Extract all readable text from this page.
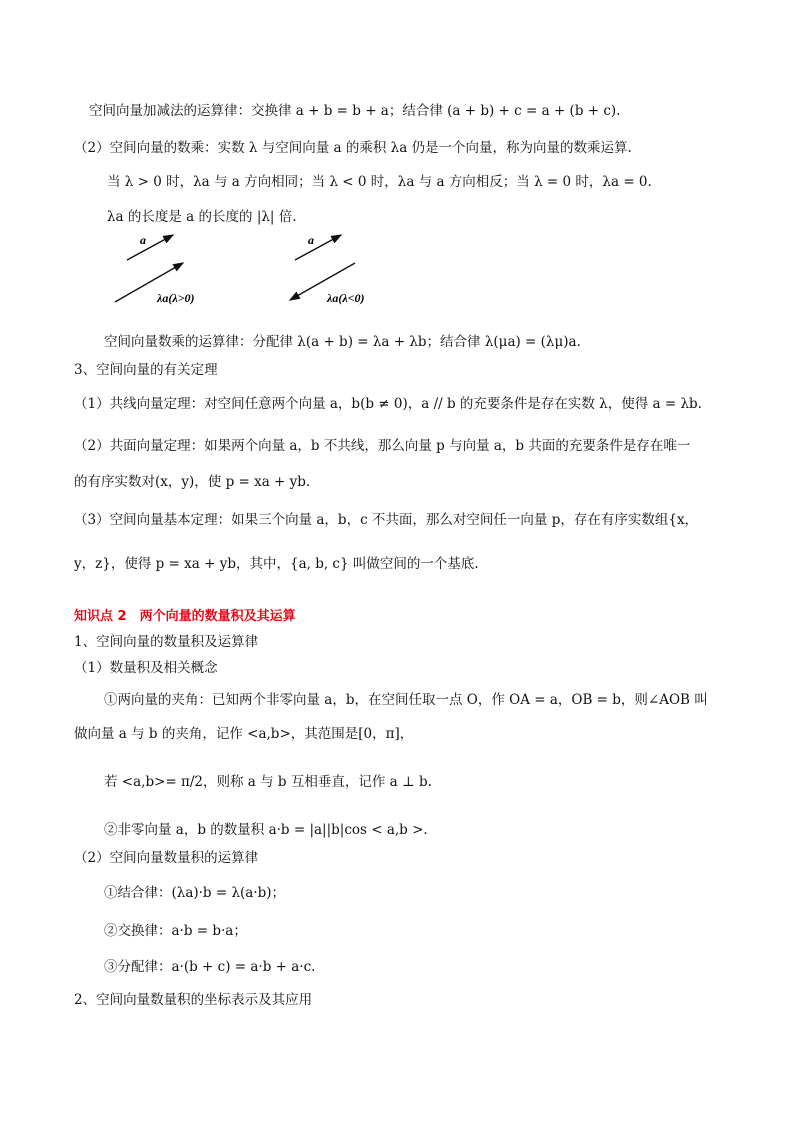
空间向量加减法的运算律：交换律 a + b = b + a；结合律 (a + b) + c = a + (b + c).
（2）空间向量的数乘：实数 λ 与空间向量 a 的乘积 λa 仍是一个向量，称为向量的数乘运算.
当 λ > 0 时，λa 与 a 方向相同；当 λ < 0 时，λa 与 a 方向相反；当 λ = 0 时，λa = 0.
λa 的长度是 a 的长度的 |λ| 倍.
a
λa(λ>0)
a
λa(λ<0)
空间向量数乘的运算律：分配律 λ(a + b) = λa + λb；结合律 λ(μa) = (λμ)a.
3、空间向量的有关定理
（1）共线向量定理：对空间任意两个向量 a，b(b ≠ 0)，a // b 的充要条件是存在实数 λ，使得 a = λb.
（2）共面向量定理：如果两个向量 a，b 不共线，那么向量 p 与向量 a，b 共面的充要条件是存在唯一
的有序实数对(x，y)，使 p = xa + yb.
（3）空间向量基本定理：如果三个向量 a，b，c 不共面，那么对空间任一向量 p，存在有序实数组{x，
y，z}，使得 p = xa + yb，其中，{a, b, c} 叫做空间的一个基底.
知识点 2　两个向量的数量积及其运算
1、空间向量的数量积及运算律
（1）数量积及相关概念
①两向量的夹角：已知两个非零向量 a，b，在空间任取一点 O，作 OA = a，OB = b，则∠AOB 叫
做向量 a 与 b 的夹角，记作 <a,b>，其范围是[0，π]，
若 <a,b>= π/2，则称 a 与 b 互相垂直，记作 a ⊥ b.
②非零向量 a，b 的数量积 a·b = |a||b|cos < a,b >.
（2）空间向量数量积的运算律
①结合律：(λa)·b = λ(a·b)；
②交换律：a·b = b·a；
③分配律：a·(b + c) = a·b + a·c.
2、空间向量数量积的坐标表示及其应用
